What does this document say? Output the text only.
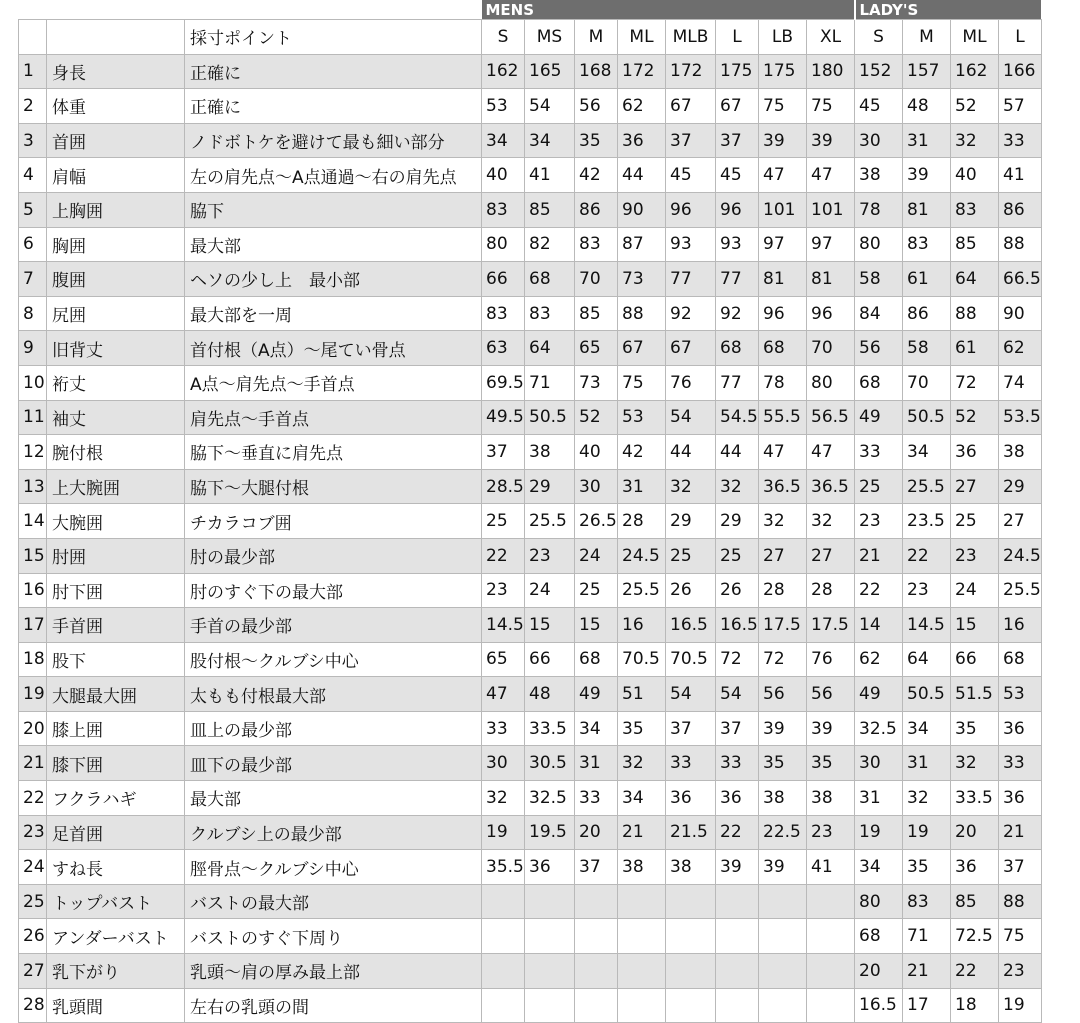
			MENS								LADY'S			
		採寸ポイント	S	MS	M	ML	MLB	L	LB	XL	S	M	ML	L
1	身長	正確に	162	165	168	172	172	175	175	180	152	157	162	166
2	体重	正確に	53	54	56	62	67	67	75	75	45	48	52	57
3	首囲	ノドボトケを避けて最も細い部分	34	34	35	36	37	37	39	39	30	31	32	33
4	肩幅	左の肩先点～A点通過～右の肩先点	40	41	42	44	45	45	47	47	38	39	40	41
5	上胸囲	脇下	83	85	86	90	96	96	101	101	78	81	83	86
6	胸囲	最大部	80	82	83	87	93	93	97	97	80	83	85	88
7	腹囲	ヘソの少し上　最小部	66	68	70	73	77	77	81	81	58	61	64	66.5
8	尻囲	最大部を一周	83	83	85	88	92	92	96	96	84	86	88	90
9	旧背丈	首付根（A点）～尾てい骨点	63	64	65	67	67	68	68	70	56	58	61	62
10	裄丈	A点～肩先点～手首点	69.5	71	73	75	76	77	78	80	68	70	72	74
11	袖丈	肩先点～手首点	49.5	50.5	52	53	54	54.5	55.5	56.5	49	50.5	52	53.5
12	腕付根	脇下～垂直に肩先点	37	38	40	42	44	44	47	47	33	34	36	38
13	上大腕囲	脇下～大腿付根	28.5	29	30	31	32	32	36.5	36.5	25	25.5	27	29
14	大腕囲	チカラコブ囲	25	25.5	26.5	28	29	29	32	32	23	23.5	25	27
15	肘囲	肘の最少部	22	23	24	24.5	25	25	27	27	21	22	23	24.5
16	肘下囲	肘のすぐ下の最大部	23	24	25	25.5	26	26	28	28	22	23	24	25.5
17	手首囲	手首の最少部	14.5	15	15	16	16.5	16.5	17.5	17.5	14	14.5	15	16
18	股下	股付根～クルブシ中心	65	66	68	70.5	70.5	72	72	76	62	64	66	68
19	大腿最大囲	太もも付根最大部	47	48	49	51	54	54	56	56	49	50.5	51.5	53
20	膝上囲	皿上の最少部	33	33.5	34	35	37	37	39	39	32.5	34	35	36
21	膝下囲	皿下の最少部	30	30.5	31	32	33	33	35	35	30	31	32	33
22	フクラハギ	最大部	32	32.5	33	34	36	36	38	38	31	32	33.5	36
23	足首囲	クルブシ上の最少部	19	19.5	20	21	21.5	22	22.5	23	19	19	20	21
24	すね長	脛骨点～クルブシ中心	35.5	36	37	38	38	39	39	41	34	35	36	37
25	トップバスト	バストの最大部									80	83	85	88
26	アンダーバスト	バストのすぐ下周り									68	71	72.5	75
27	乳下がり	乳頭～肩の厚み最上部									20	21	22	23
28	乳頭間	左右の乳頭の間									16.5	17	18	19
